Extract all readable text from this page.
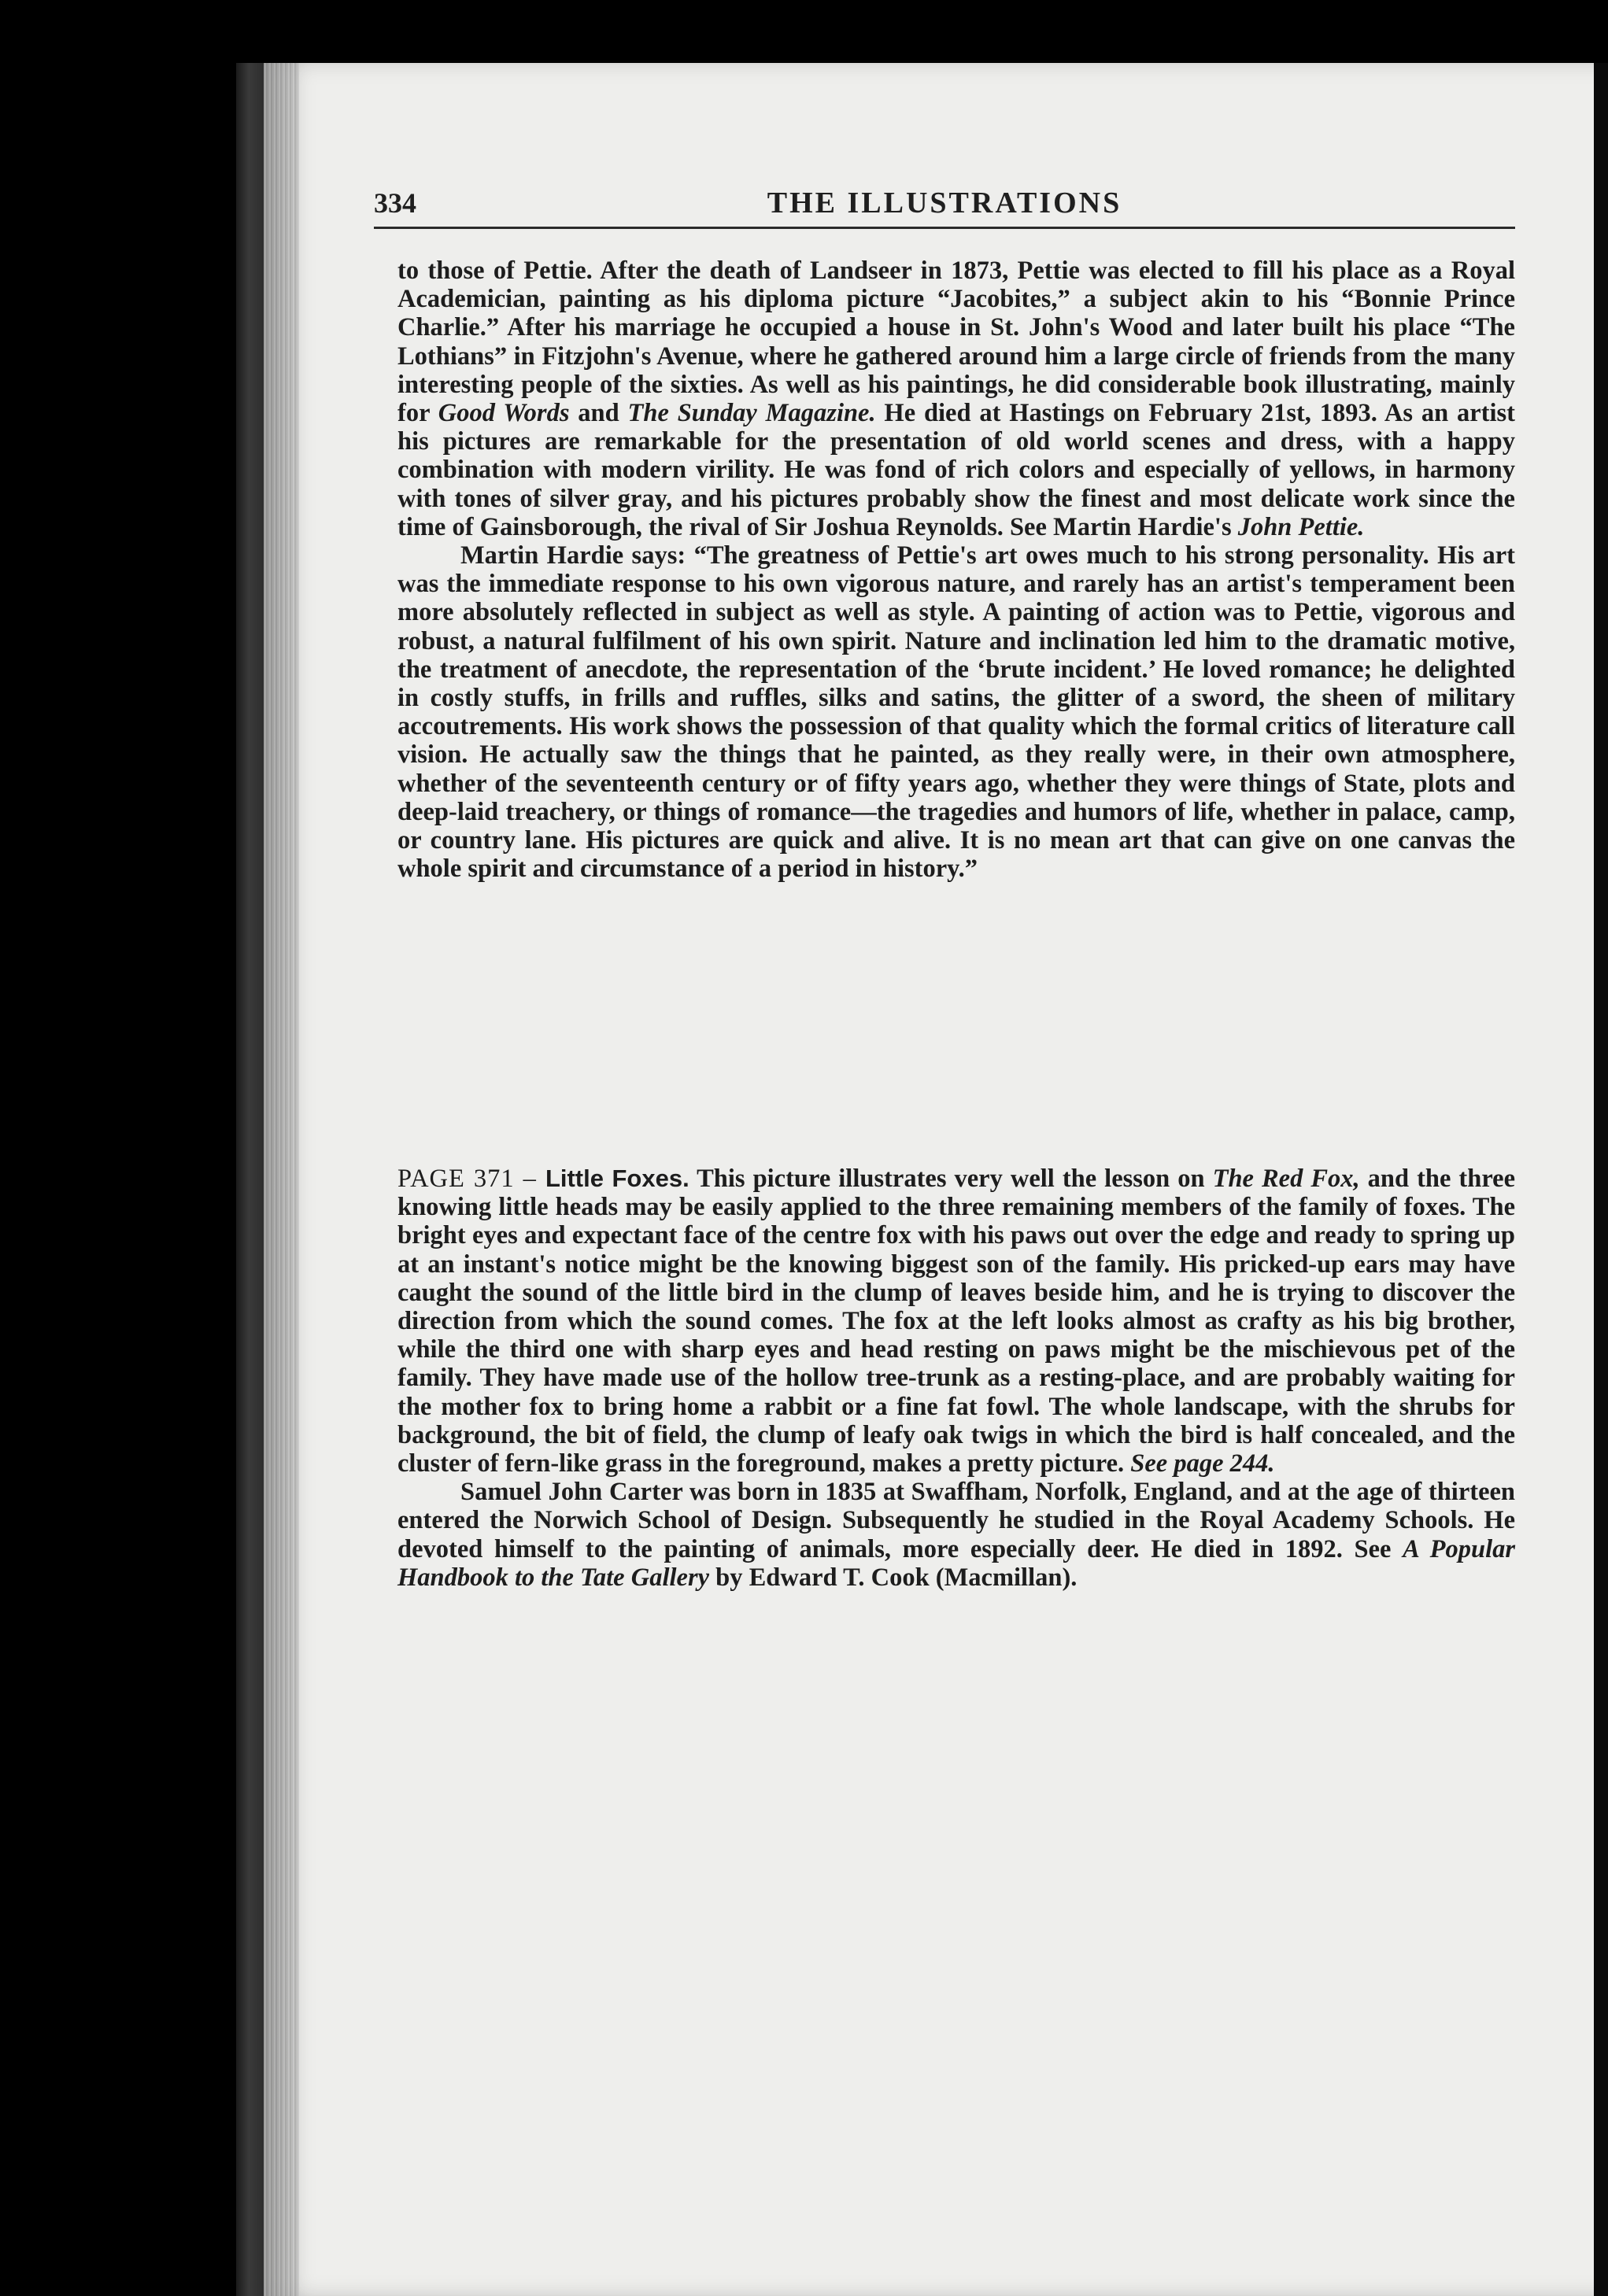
334	THE ILLUSTRATIONS

to those of Pettie. After the death of Landseer in 1873, Pettie was elected to fill his place as a Royal Academician, painting as his diploma picture “Jacobites,” a subject akin to his “Bonnie Prince Charlie.” After his marriage he occupied a house in St. John's Wood and later built his place “The Lothians” in Fitzjohn's Avenue, where he gathered around him a large circle of friends from the many interesting people of the sixties. As well as his paintings, he did considerable book illustrating, mainly for Good Words and The Sunday Magazine. He died at Hastings on February 21st, 1893. As an artist his pictures are remarkable for the presentation of old world scenes and dress, with a happy combination with modern virility. He was fond of rich colors and especially of yellows, in harmony with tones of silver gray, and his pictures probably show the finest and most delicate work since the time of Gainsborough, the rival of Sir Joshua Reynolds. See Martin Hardie's John Pettie.

Martin Hardie says: “The greatness of Pettie's art owes much to his strong personality. His art was the immediate response to his own vigorous nature, and rarely has an artist's temperament been more absolutely reflected in subject as well as style. A painting of action was to Pettie, vigorous and robust, a natural fulfilment of his own spirit. Nature and inclination led him to the dramatic motive, the treatment of anecdote, the representation of the ‘brute incident.’ He loved romance; he delighted in costly stuffs, in frills and ruffles, silks and satins, the glitter of a sword, the sheen of military accoutrements. His work shows the possession of that quality which the formal critics of literature call vision. He actually saw the things that he painted, as they really were, in their own atmosphere, whether of the seventeenth century or of fifty years ago, whether they were things of State, plots and deep-laid treachery, or things of romance—the tragedies and humors of life, whether in palace, camp, or country lane. His pictures are quick and alive. It is no mean art that can give on one canvas the whole spirit and circumstance of a period in history.”

PAGE 371 – Little Foxes. This picture illustrates very well the lesson on The Red Fox, and the three knowing little heads may be easily applied to the three remaining members of the family of foxes. The bright eyes and expectant face of the centre fox with his paws out over the edge and ready to spring up at an instant's notice might be the knowing biggest son of the family. His pricked-up ears may have caught the sound of the little bird in the clump of leaves beside him, and he is trying to discover the direction from which the sound comes. The fox at the left looks almost as crafty as his big brother, while the third one with sharp eyes and head resting on paws might be the mischievous pet of the family. They have made use of the hollow tree-trunk as a resting-place, and are probably waiting for the mother fox to bring home a rabbit or a fine fat fowl. The whole landscape, with the shrubs for background, the bit of field, the clump of leafy oak twigs in which the bird is half concealed, and the cluster of fern-like grass in the foreground, makes a pretty picture. See page 244.

Samuel John Carter was born in 1835 at Swaffham, Norfolk, England, and at the age of thirteen entered the Norwich School of Design. Subsequently he studied in the Royal Academy Schools. He devoted himself to the painting of animals, more especially deer. He died in 1892. See A Popular Handbook to the Tate Gallery by Edward T. Cook (Macmillan).
